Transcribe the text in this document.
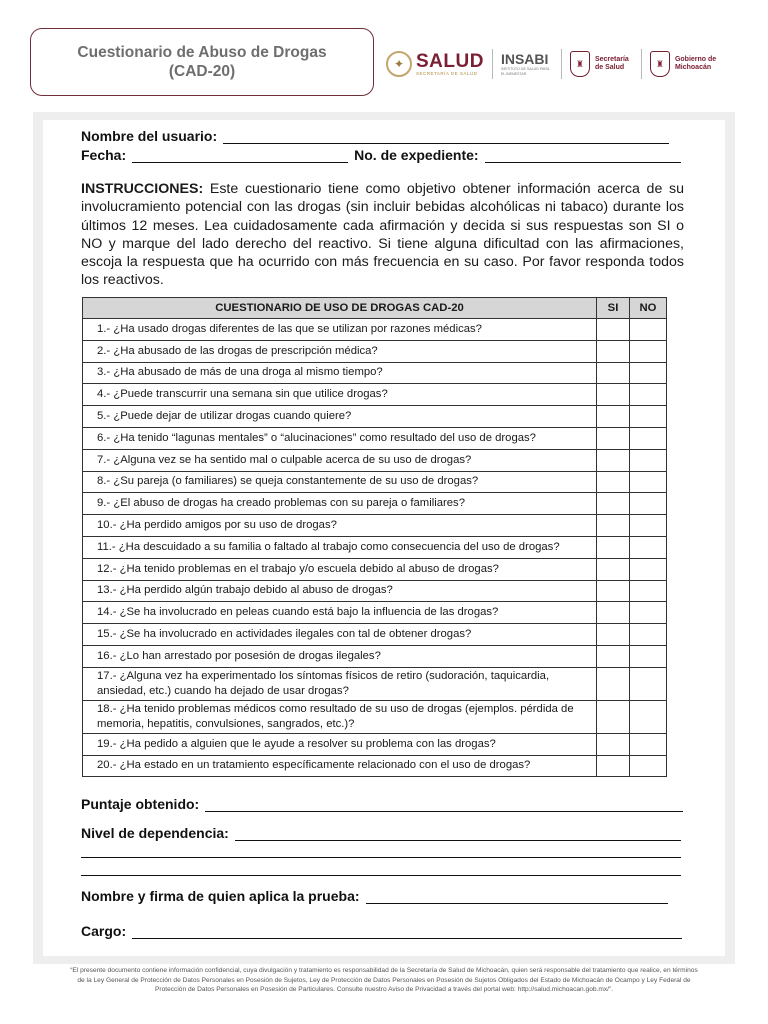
Cuestionario de Abuso de Drogas
(CAD-20)	✦ SALUD
SECRETARÍA DE SALUD
INSABI
INSTITUTO DE SALUD PARA EL BIENESTAR
♜	Secretaría de Salud	♜	Gobierno de Michoacán
Nombre del usuario:
Fecha:	No. de expediente:
INSTRUCCIONES: Este cuestionario tiene como objetivo obtener información acerca de su involucramiento potencial con las drogas (sin incluir bebidas alcohólicas ni tabaco) durante los últimos 12 meses. Lea cuidadosamente cada afirmación y decida si sus respuestas son SI o NO y marque del lado derecho del reactivo. Si tiene alguna dificultad con las afirmaciones, escoja la respuesta que ha ocurrido con más frecuencia en su caso. Por favor responda todos los reactivos.
CUESTIONARIO DE USO DE DROGAS CAD-20	SI	NO
1.- ¿Ha usado drogas diferentes de las que se utilizan por razones médicas?		
2.- ¿Ha abusado de las drogas de prescripción médica?		
3.- ¿Ha abusado de más de una droga al mismo tiempo?		
4.- ¿Puede transcurrir una semana sin que utilice drogas?		
5.- ¿Puede dejar de utilizar drogas cuando quiere?		
6.- ¿Ha tenido “lagunas mentales” o “alucinaciones” como resultado del uso de drogas?		
7.- ¿Alguna vez se ha sentido mal o culpable acerca de su uso de drogas?		
8.- ¿Su pareja (o familiares) se queja constantemente de su uso de drogas?		
9.- ¿El abuso de drogas ha creado problemas con su pareja o familiares?		
10.- ¿Ha perdido amigos por su uso de drogas?		
11.- ¿Ha descuidado a su familia o faltado al trabajo como consecuencia del uso de drogas?		
12.- ¿Ha tenido problemas en el trabajo y/o escuela debido al abuso de drogas?		
13.- ¿Ha perdido algún trabajo debido al abuso de drogas?		
14.- ¿Se ha involucrado en peleas cuando está bajo la influencia de las drogas?		
15.- ¿Se ha involucrado en actividades ilegales con tal de obtener drogas?		
16.- ¿Lo han arrestado por posesión de drogas ilegales?		
17.- ¿Alguna vez ha experimentado los síntomas físicos de retiro (sudoración, taquicardia, ansiedad, etc.) cuando ha dejado de usar drogas?		
18.- ¿Ha tenido problemas médicos como resultado de su uso de drogas (ejemplos. pérdida de memoria, hepatitis, convulsiones, sangrados, etc.)?		
19.- ¿Ha pedido a alguien que le ayude a resolver su problema con las drogas?		
20.- ¿Ha estado en un tratamiento específicamente relacionado con el uso de drogas?		
Puntaje obtenido:
Nivel de dependencia:
Nombre y firma de quien aplica la prueba:
Cargo:
“El presente documento contiene información confidencial, cuya divulgación y tratamiento es responsabilidad de la Secretaría de Salud de Michoacán, quien será responsable del tratamiento que realice, en términos de la Ley General de Protección de Datos Personales en Posesión de Sujetos, Ley de Protección de Datos Personales en Posesión de Sujetos Obligados del Estado de Michoacán de Ocampo y Ley Federal de Protección de Datos Personales en Posesión de Particulares. Consulte nuestro Aviso de Privacidad a través del portal web: http://salud.michoacan.gob.mx/”.
